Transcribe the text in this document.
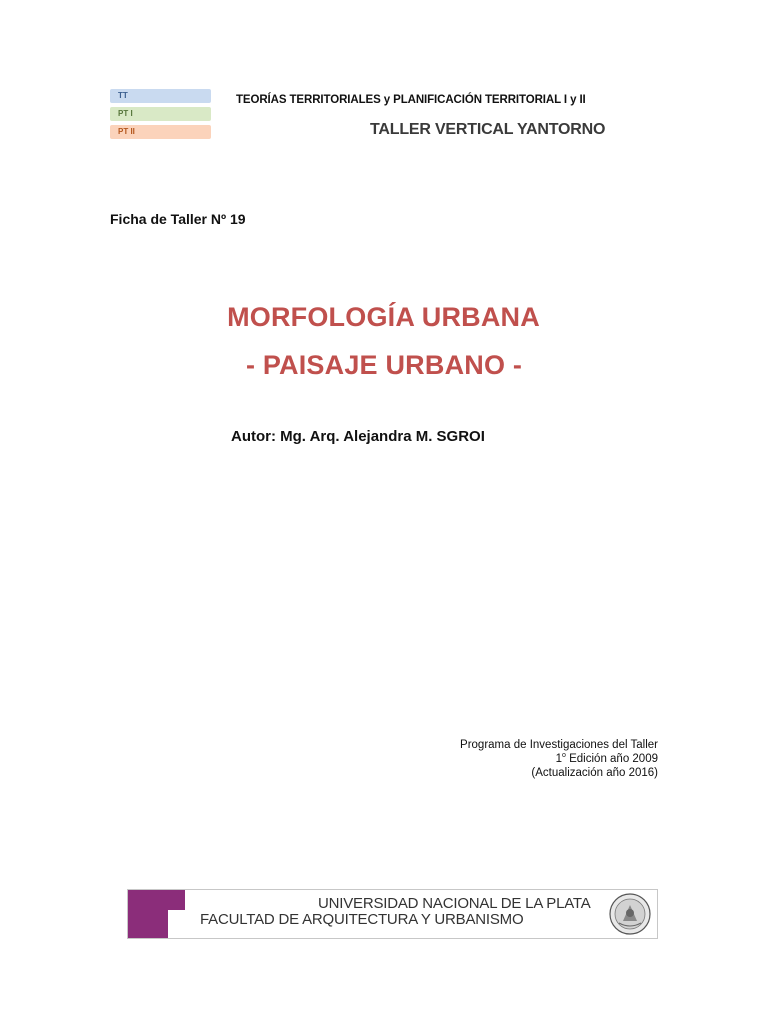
TT
PT I
PT II
TEORÍAS TERRITORIALES y PLANIFICACIÓN TERRITORIAL I y II
TALLER VERTICAL YANTORNO
Ficha de Taller Nº 19
MORFOLOGÍA URBANA
- PAISAJE URBANO -
Autor: Mg. Arq. Alejandra M. SGROI
Programa de Investigaciones del Taller
1$^o$ Edición año 2009
(Actualización año 2016)
UNIVERSIDAD NACIONAL DE LA PLATA
FACULTAD DE ARQUITECTURA Y URBANISMO
